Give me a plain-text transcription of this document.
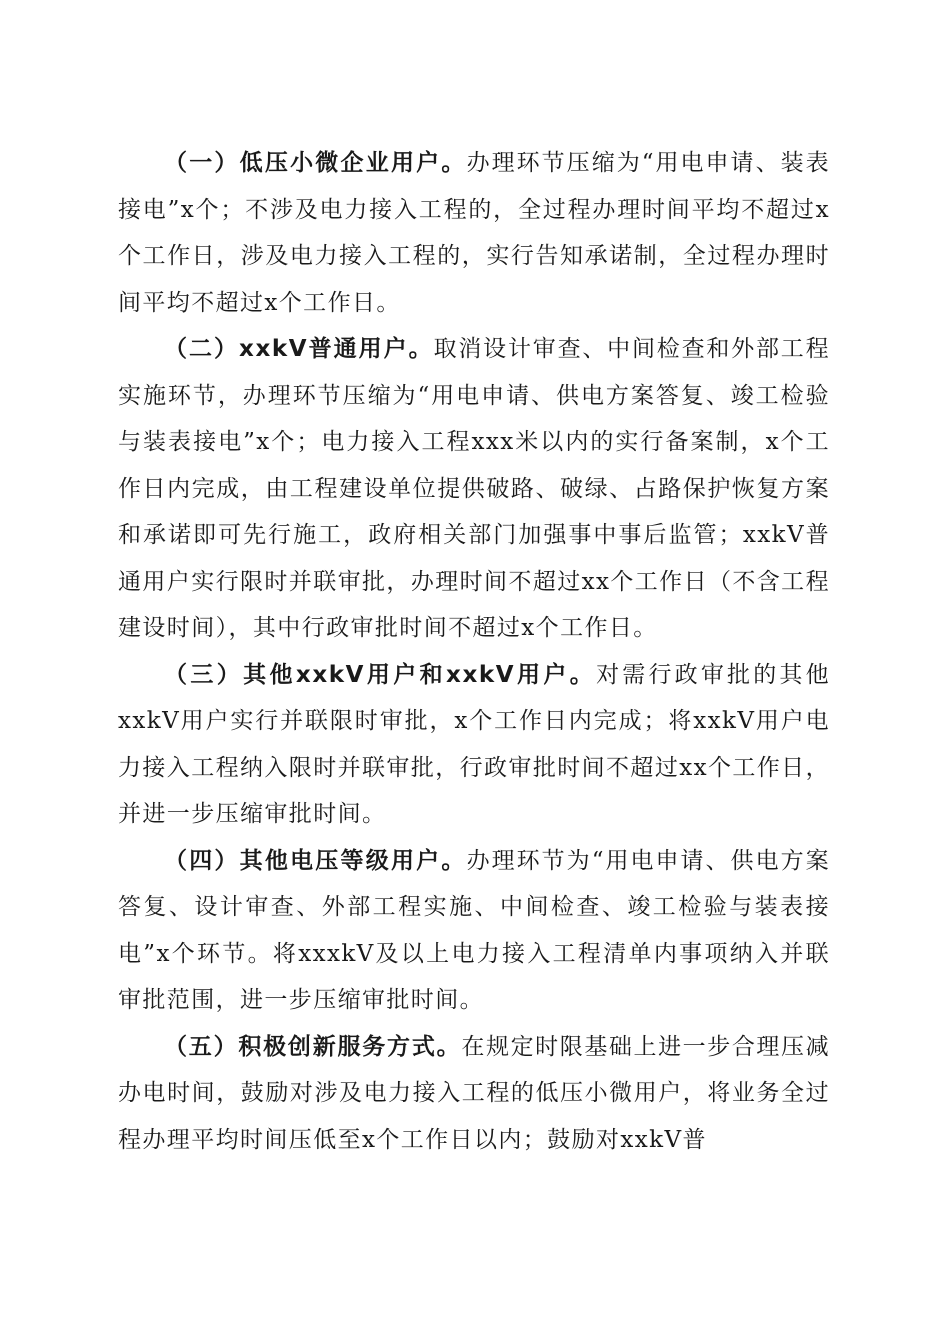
（一）低压小微企业用户。办理环节压缩为“用电申请、装表接电”x个；不涉及电力接入工程的，全过程办理时间平均不超过x个工作日，涉及电力接入工程的，实行告知承诺制，全过程办理时间平均不超过x个工作日。

（二）xxkV普通用户。取消设计审查、中间检查和外部工程实施环节，办理环节压缩为“用电申请、供电方案答复、竣工检验与装表接电”x个；电力接入工程xxx米以内的实行备案制，x个工作日内完成，由工程建设单位提供破路、破绿、占路保护恢复方案和承诺即可先行施工，政府相关部门加强事中事后监管；xxkV普通用户实行限时并联审批，办理时间不超过xx个工作日（不含工程建设时间），其中行政审批时间不超过x个工作日。

（三）其他xxkV用户和xxkV用户。对需行政审批的其他xxkV用户实行并联限时审批，x个工作日内完成；将xxkV用户电力接入工程纳入限时并联审批，行政审批时间不超过xx个工作日，并进一步压缩审批时间。

（四）其他电压等级用户。办理环节为“用电申请、供电方案答复、设计审查、外部工程实施、中间检查、竣工检验与装表接电”x个环节。将xxxkV及以上电力接入工程清单内事项纳入并联审批范围，进一步压缩审批时间。

（五）积极创新服务方式。在规定时限基础上进一步合理压减办电时间，鼓励对涉及电力接入工程的低压小微用户，将业务全过程办理平均时间压低至x个工作日以内；鼓励对xxkV普
